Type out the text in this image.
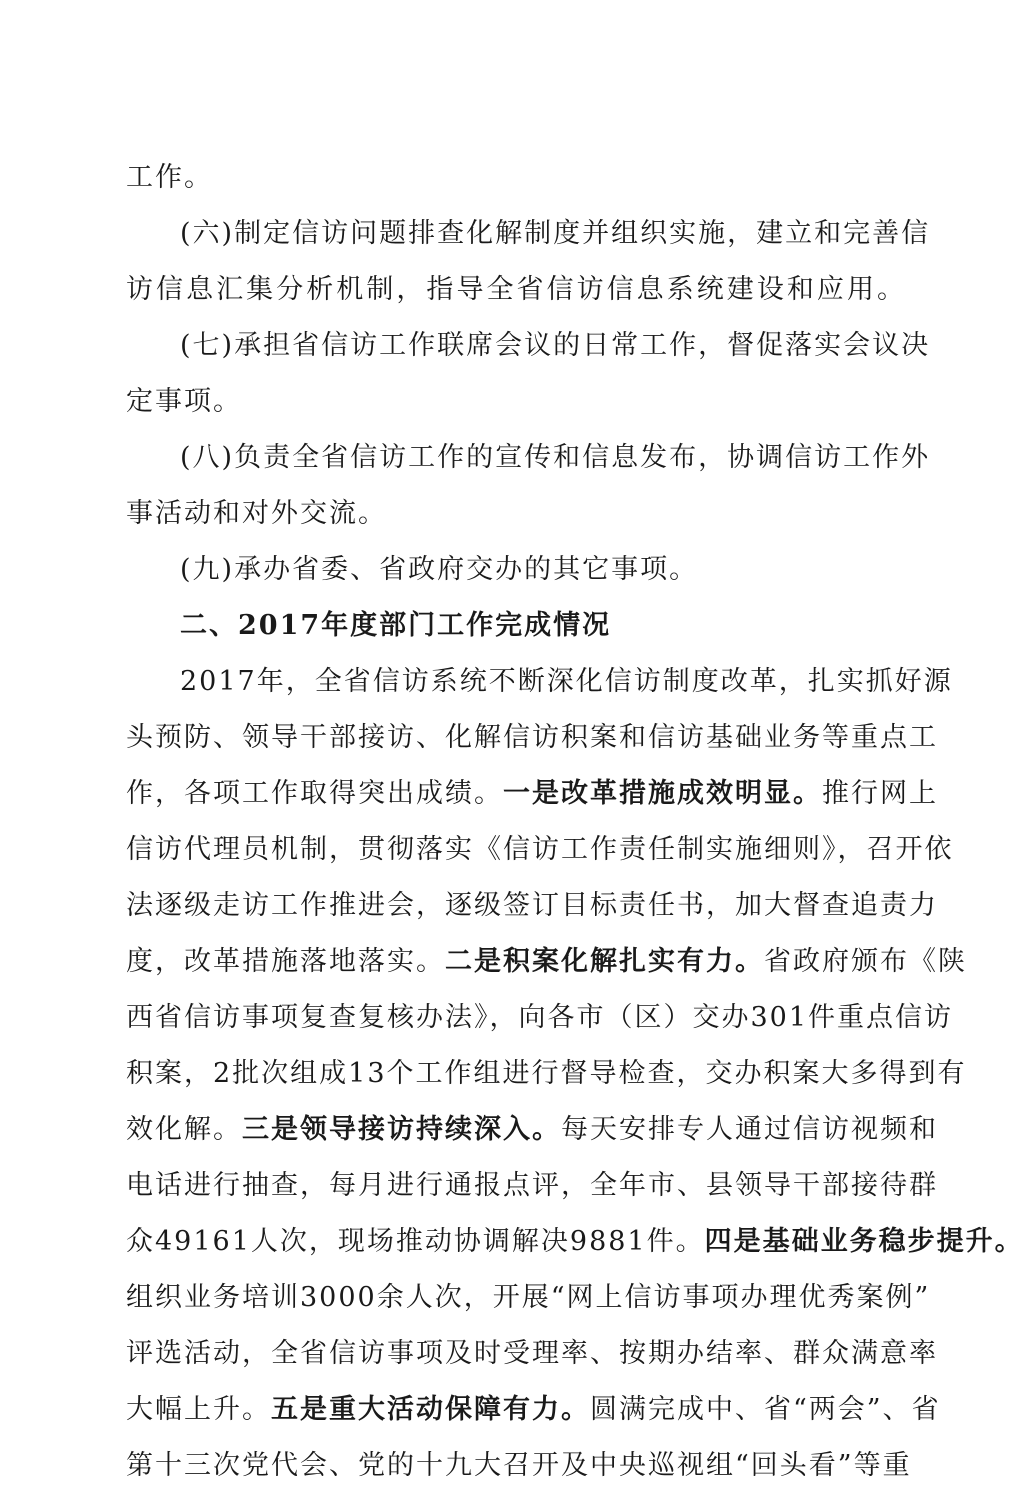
工作。
(六)制定信访问题排查化解制度并组织实施，建立和完善信
访信息汇集分析机制，指导全省信访信息系统建设和应用。
(七)承担省信访工作联席会议的日常工作，督促落实会议决
定事项。
(八)负责全省信访工作的宣传和信息发布，协调信访工作外
事活动和对外交流。
(九)承办省委、省政府交办的其它事项。
二、2017年度部门工作完成情况
2017年，全省信访系统不断深化信访制度改革，扎实抓好源
头预防、领导干部接访、化解信访积案和信访基础业务等重点工
作，各项工作取得突出成绩。一是改革措施成效明显。推行网上
信访代理员机制，贯彻落实《信访工作责任制实施细则》，召开依
法逐级走访工作推进会，逐级签订目标责任书，加大督查追责力
度，改革措施落地落实。二是积案化解扎实有力。省政府颁布《陕
西省信访事项复查复核办法》，向各市（区）交办301件重点信访
积案，2批次组成13个工作组进行督导检查，交办积案大多得到有
效化解。三是领导接访持续深入。每天安排专人通过信访视频和
电话进行抽查，每月进行通报点评，全年市、县领导干部接待群
众49161人次，现场推动协调解决9881件。四是基础业务稳步提升。
组织业务培训3000余人次，开展“网上信访事项办理优秀案例”
评选活动，全省信访事项及时受理率、按期办结率、群众满意率
大幅上升。五是重大活动保障有力。圆满完成中、省“两会”、省
第十三次党代会、党的十九大召开及中央巡视组“回头看”等重
